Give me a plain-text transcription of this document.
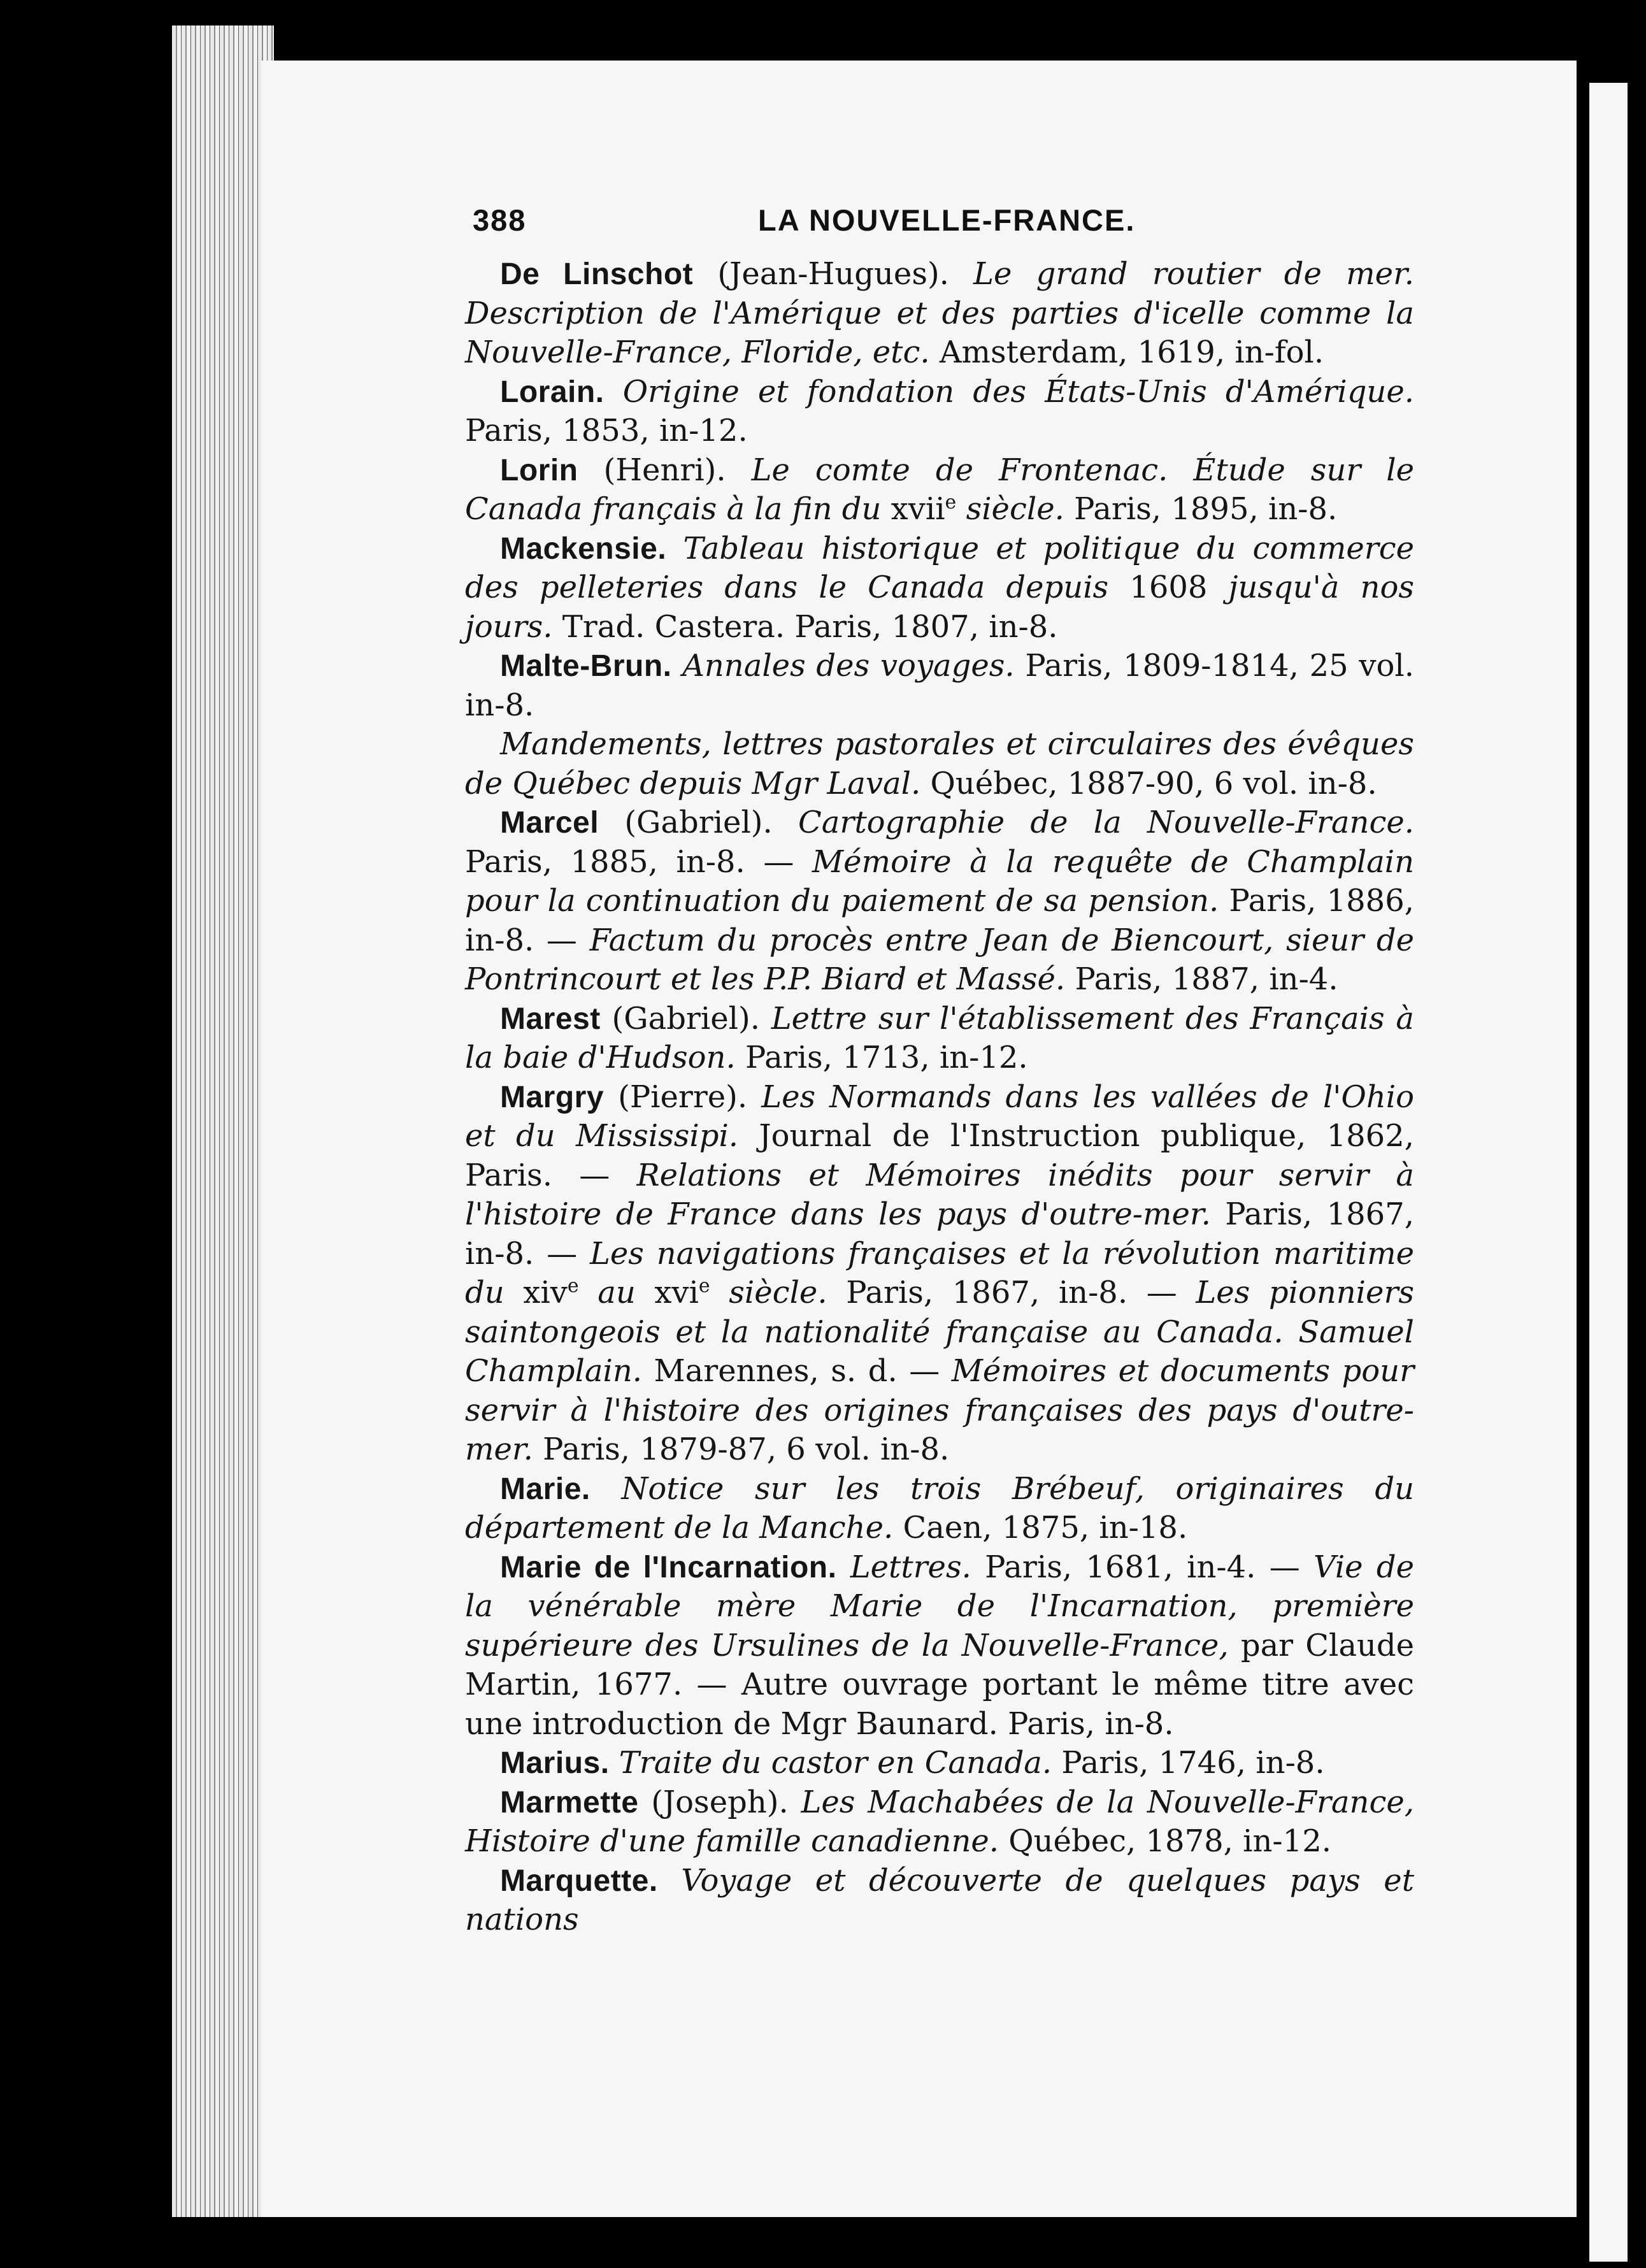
388	LA NOUVELLE-FRANCE.

De Linschot (Jean-Hugues). Le grand routier de mer. Description de l'Amérique et des parties d'icelle comme la Nouvelle-France, Floride, etc. Amsterdam, 1619, in-fol.

Lorain. Origine et fondation des États-Unis d'Amérique. Paris, 1853, in-12.

Lorin (Henri). Le comte de Frontenac. Étude sur le Canada français à la fin du xvii$^e$ siècle. Paris, 1895, in-8.

Mackensie. Tableau historique et politique du commerce des pelleteries dans le Canada depuis 1608 jusqu'à nos jours. Trad. Castera. Paris, 1807, in-8.

Malte-Brun. Annales des voyages. Paris, 1809-1814, 25 vol. in-8.

Mandements, lettres pastorales et circulaires des évêques de Québec depuis Mgr Laval. Québec, 1887-90, 6 vol. in-8.

Marcel (Gabriel). Cartographie de la Nouvelle-France. Paris, 1885, in-8. — Mémoire à la requête de Champlain pour la continuation du paiement de sa pension. Paris, 1886, in-8. — Factum du procès entre Jean de Biencourt, sieur de Pontrincourt et les P.P. Biard et Massé. Paris, 1887, in-4.

Marest (Gabriel). Lettre sur l'établissement des Français à la baie d'Hudson. Paris, 1713, in-12.

Margry (Pierre). Les Normands dans les vallées de l'Ohio et du Mississipi. Journal de l'Instruction publique, 1862, Paris. — Relations et Mémoires inédits pour servir à l'histoire de France dans les pays d'outre-mer. Paris, 1867, in-8. — Les navigations françaises et la révolution maritime du xiv$^e$ au xvi$^e$ siècle. Paris, 1867, in-8. — Les pionniers saintongeois et la nationalité française au Canada. Samuel Champlain. Marennes, s. d. — Mémoires et documents pour servir à l'histoire des origines françaises des pays d'outre-mer. Paris, 1879-87, 6 vol. in-8.

Marie. Notice sur les trois Brébeuf, originaires du département de la Manche. Caen, 1875, in-18.

Marie de l'Incarnation. Lettres. Paris, 1681, in-4. — Vie de la vénérable mère Marie de l'Incarnation, première supérieure des Ursulines de la Nouvelle-France, par Claude Martin, 1677. — Autre ouvrage portant le même titre avec une introduction de Mgr Baunard. Paris, in-8.

Marius. Traite du castor en Canada. Paris, 1746, in-8.

Marmette (Joseph). Les Machabées de la Nouvelle-France, Histoire d'une famille canadienne. Québec, 1878, in-12.

Marquette. Voyage et découverte de quelques pays et nations
